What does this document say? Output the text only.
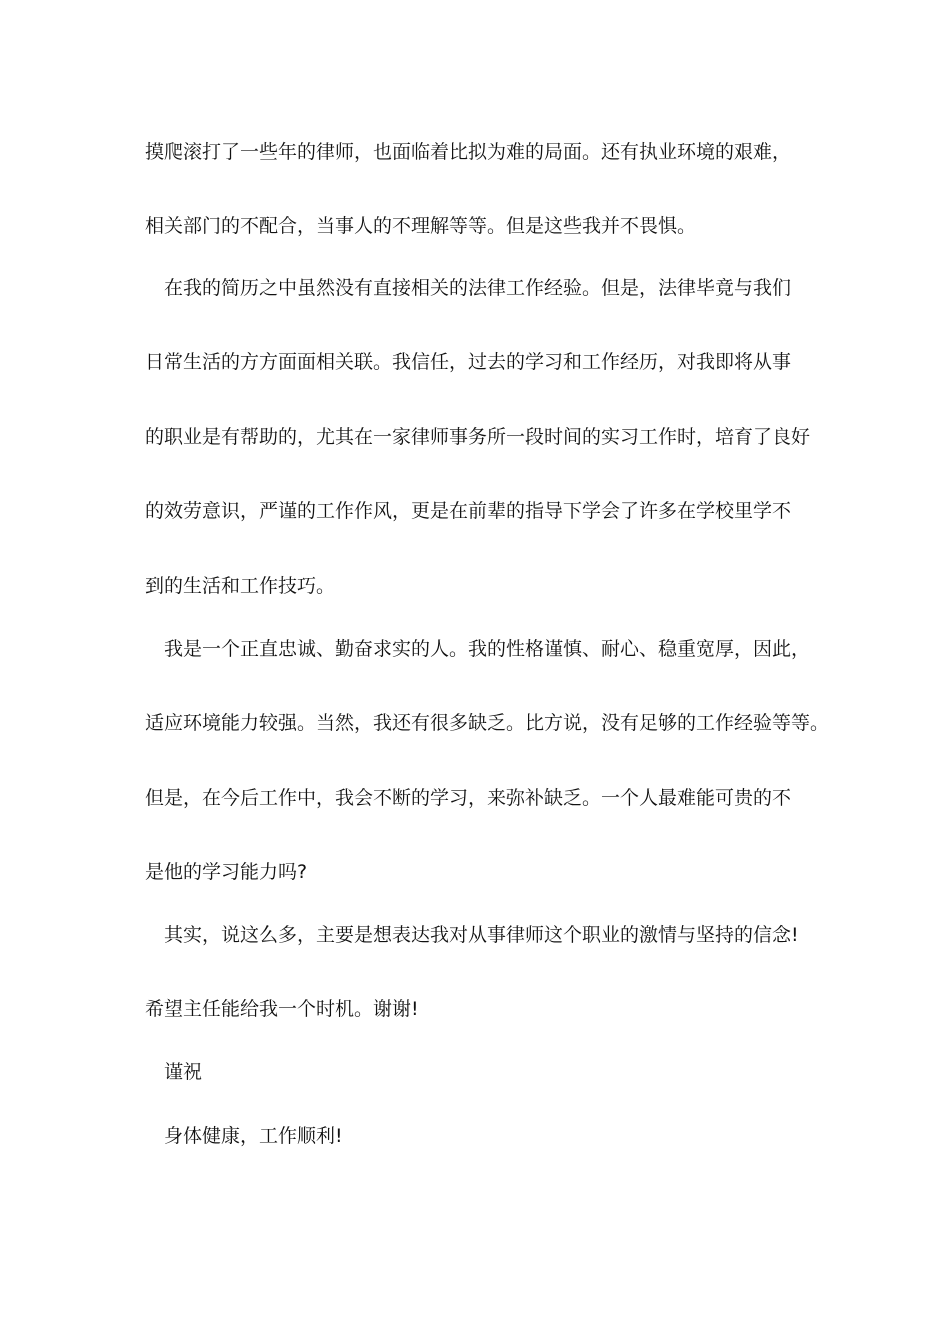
摸爬滚打了一些年的律师，也面临着比拟为难的局面。还有执业环境的艰难，
相关部门的不配合，当事人的不理解等等。但是这些我并不畏惧。
在我的简历之中虽然没有直接相关的法律工作经验。但是，法律毕竟与我们
日常生活的方方面面相关联。我信任，过去的学习和工作经历，对我即将从事
的职业是有帮助的，尤其在一家律师事务所一段时间的实习工作时，培育了良好
的效劳意识，严谨的工作作风，更是在前辈的指导下学会了许多在学校里学不
到的生活和工作技巧。
我是一个正直忠诚、勤奋求实的人。我的性格谨慎、耐心、稳重宽厚，因此，
适应环境能力较强。当然，我还有很多缺乏。比方说，没有足够的工作经验等等。
但是，在今后工作中，我会不断的学习，来弥补缺乏。一个人最难能可贵的不
是他的学习能力吗?
其实，说这么多，主要是想表达我对从事律师这个职业的激情与坚持的信念!
希望主任能给我一个时机。谢谢!
谨祝
身体健康，工作顺利!
